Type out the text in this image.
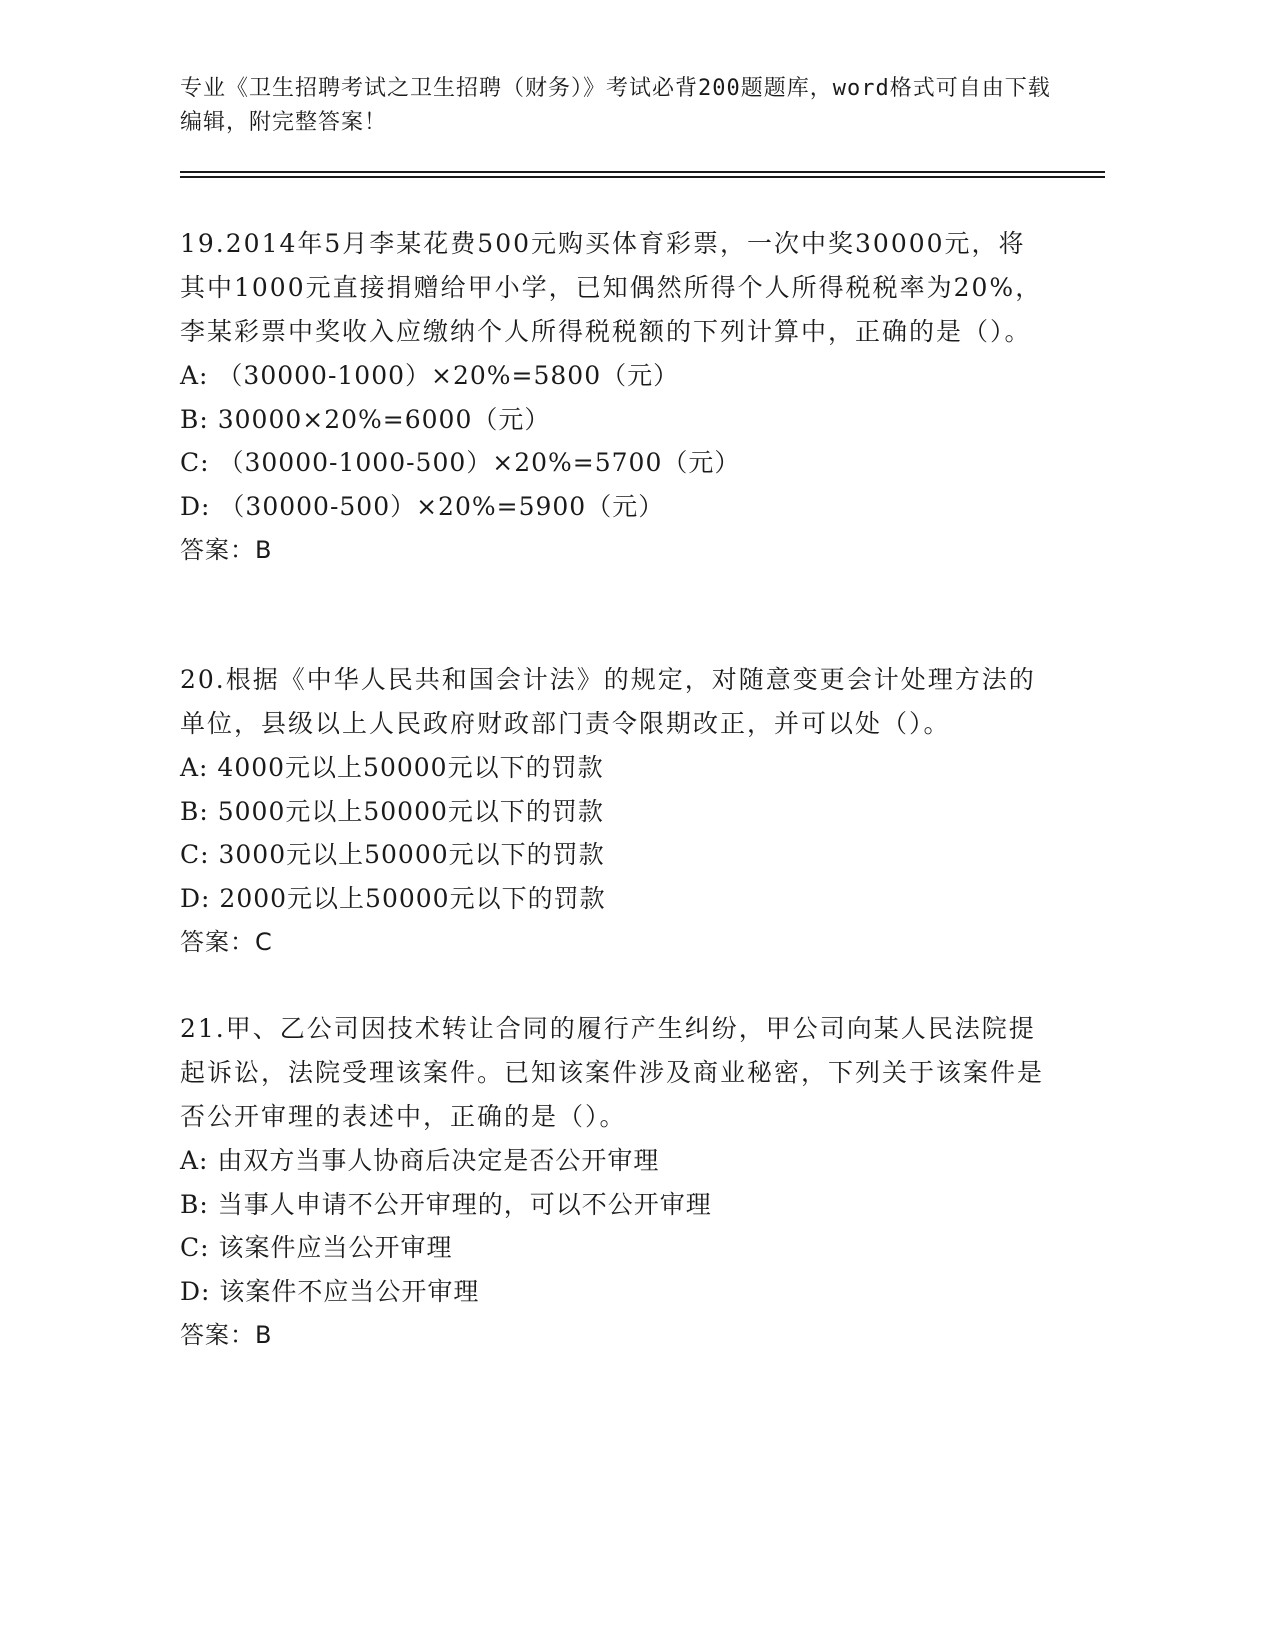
专业《卫生招聘考试之卫生招聘（财务）》考试必背200题题库，word格式可自由下载编辑，附完整答案！

19.2014年5月李某花费500元购买体育彩票，一次中奖30000元，将其中1000元直接捐赠给甲小学，已知偶然所得个人所得税税率为20%，李某彩票中奖收入应缴纳个人所得税税额的下列计算中，正确的是（）。

A: （30000-1000）×20%=5800（元）

B: 30000×20%=6000（元）

C: （30000-1000-500）×20%=5700（元）

D: （30000-500）×20%=5900（元）

答案：B

20.根据《中华人民共和国会计法》的规定，对随意变更会计处理方法的单位，县级以上人民政府财政部门责令限期改正，并可以处（）。

A: 4000元以上50000元以下的罚款

B: 5000元以上50000元以下的罚款

C: 3000元以上50000元以下的罚款

D: 2000元以上50000元以下的罚款

答案：C

21.甲、乙公司因技术转让合同的履行产生纠纷，甲公司向某人民法院提起诉讼，法院受理该案件。已知该案件涉及商业秘密，下列关于该案件是否公开审理的表述中，正确的是（）。

A: 由双方当事人协商后决定是否公开审理

B: 当事人申请不公开审理的，可以不公开审理

C: 该案件应当公开审理

D: 该案件不应当公开审理

答案：B
